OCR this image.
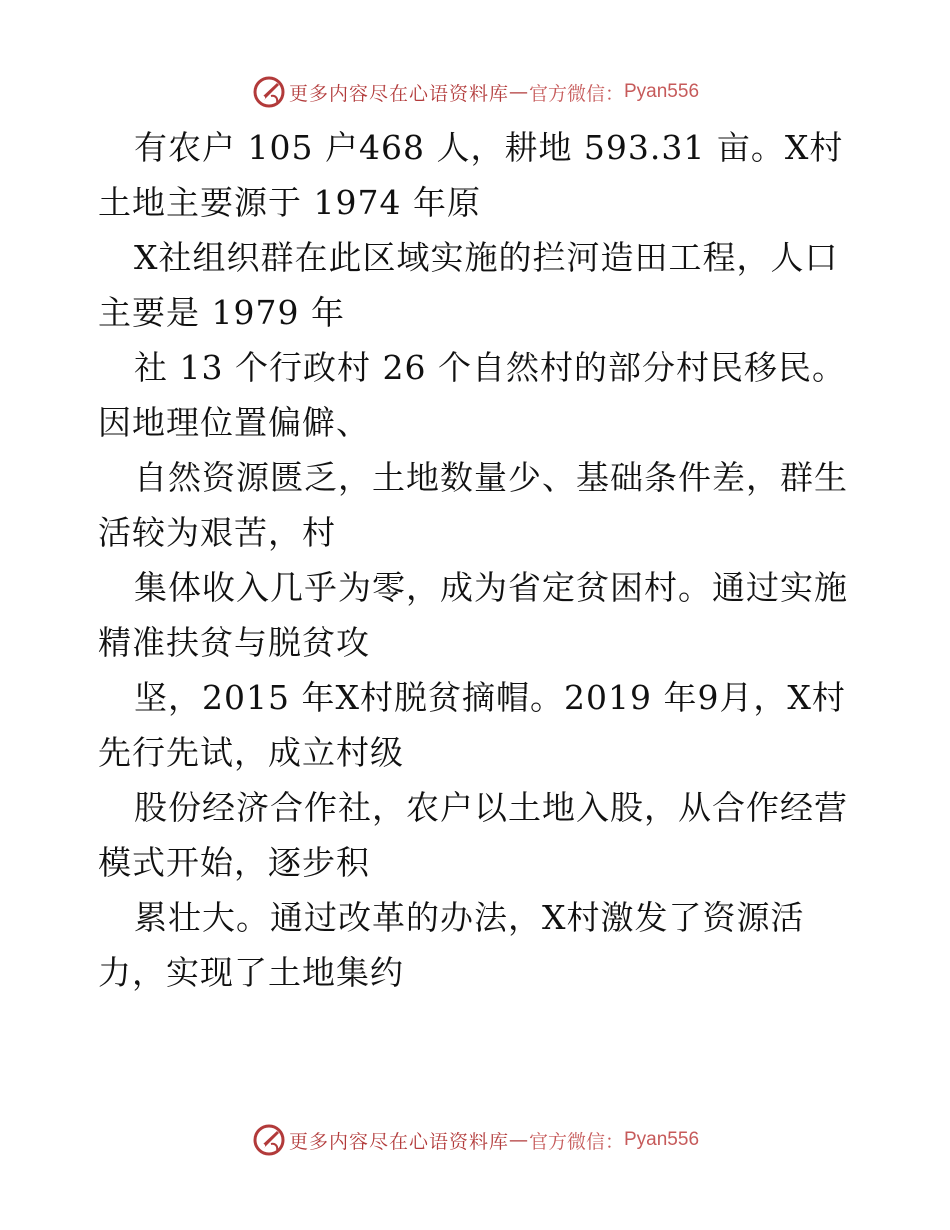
更多内容尽在心语资料库 — 官方微信： Pyan556

有农户 105 户468 人，耕地 593.31 亩。X村
土地主要源于 1974 年原

X社组织群在此区域实施的拦河造田工程，人口
主要是 1979 年

社 13 个行政村 26 个自然村的部分村民移民。
因地理位置偏僻、

自然资源匮乏，土地数量少、基础条件差，群生
活较为艰苦，村

集体收入几乎为零，成为省定贫困村。通过实施
精准扶贫与脱贫攻

坚，2015 年X村脱贫摘帽。2019 年9月，X村
先行先试，成立村级

股份经济合作社，农户以土地入股，从合作经营
模式开始，逐步积

累壮大。通过改革的办法，X村激发了资源活
力，实现了土地集约

更多内容尽在心语资料库 — 官方微信： Pyan556
